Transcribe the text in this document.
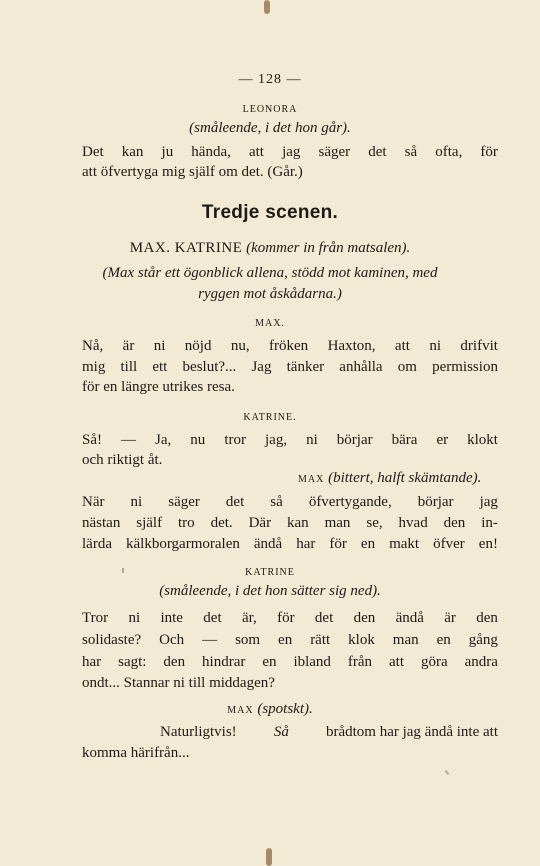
— 128 —
LEONORA
(småleende, i det hon går).
Det kan ju hända, att jag säger det så ofta, för
att öfvertyga mig själf om det. (Går.)
Tredje scenen.
MAX. KATRINE (kommer in från matsalen).
(Max står ett ögonblick allena, stödd mot kaminen, med
ryggen mot åskådarna.)
MAX.
Nå, är ni nöjd nu, fröken Haxton, att ni drifvit
mig till ett beslut?... Jag tänker anhålla om permission
för en längre utrikes resa.
KATRINE.
Så! — Ja, nu tror jag, ni börjar bära er klokt
och riktigt åt.
MAX (bittert, halft skämtande).
När ni säger det så öfvertygande, börjar jag
nästan själf tro det. Där kan man se, hvad den in-
lärda kälkborgarmoralen ändå har för en makt öfver en!
KATRINE
(småleende, i det hon sätter sig ned).
Tror ni inte det är, för det den ändå är den
solidaste? Och — som en rätt klok man en gång
har sagt: den hindrar en ibland från att göra andra
ondt... Stannar ni till middagen?
MAX (spotskt).
Naturligtvis! Så brådtom har jag ändå inte att
komma härifrån...
